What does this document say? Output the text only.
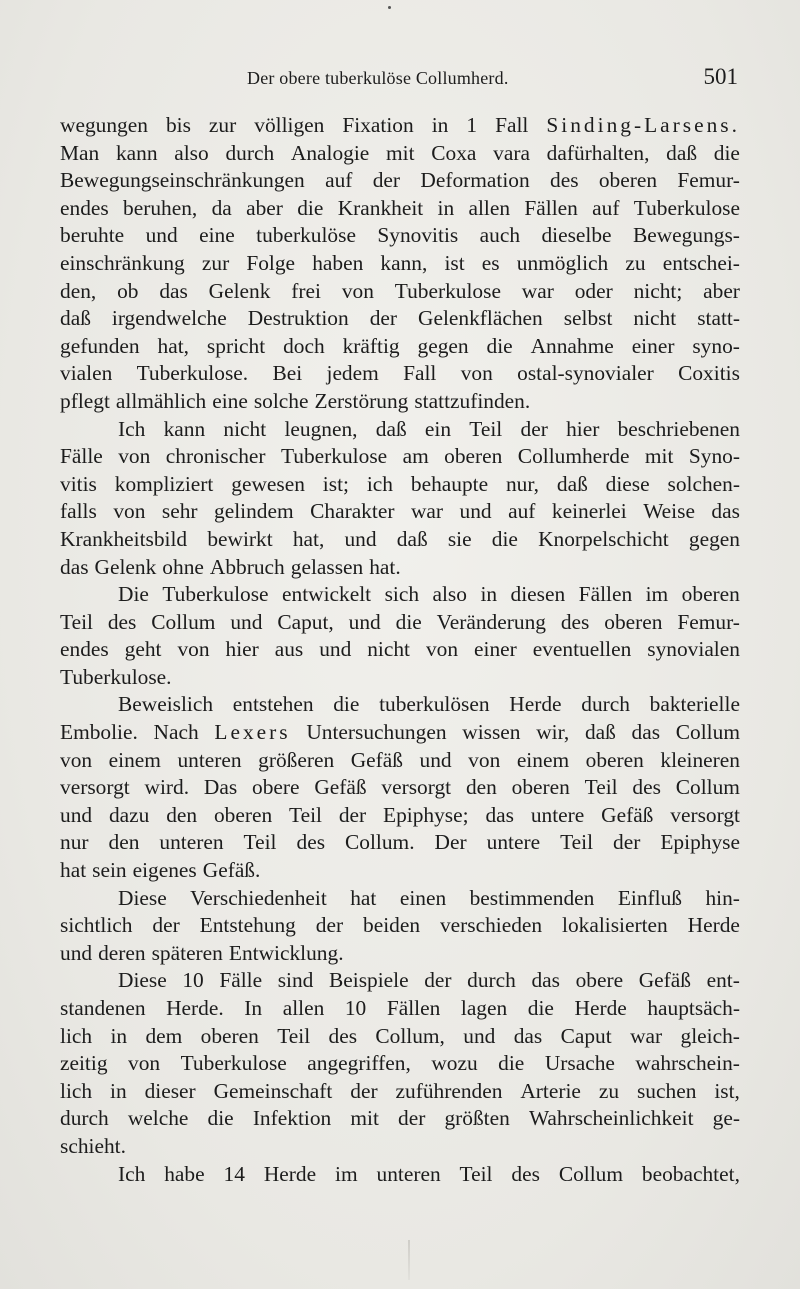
Der obere tuberkulöse Collumherd.	501
wegungen bis zur völligen Fixation in 1 Fall Sinding-Larsens.
Man kann also durch Analogie mit Coxa vara dafürhalten, daß die
Bewegungseinschränkungen auf der Deformation des oberen Femur-
endes beruhen, da aber die Krankheit in allen Fällen auf Tuberkulose
beruhte und eine tuberkulöse Synovitis auch dieselbe Bewegungs-
einschränkung zur Folge haben kann, ist es unmöglich zu entschei-
den, ob das Gelenk frei von Tuberkulose war oder nicht; aber
daß irgendwelche Destruktion der Gelenkflächen selbst nicht statt-
gefunden hat, spricht doch kräftig gegen die Annahme einer syno-
vialen Tuberkulose. Bei jedem Fall von ostal-synovialer Coxitis
pflegt allmählich eine solche Zerstörung stattzufinden.
Ich kann nicht leugnen, daß ein Teil der hier beschriebenen
Fälle von chronischer Tuberkulose am oberen Collumherde mit Syno-
vitis kompliziert gewesen ist; ich behaupte nur, daß diese solchen-
falls von sehr gelindem Charakter war und auf keinerlei Weise das
Krankheitsbild bewirkt hat, und daß sie die Knorpelschicht gegen
das Gelenk ohne Abbruch gelassen hat.
Die Tuberkulose entwickelt sich also in diesen Fällen im oberen
Teil des Collum und Caput, und die Veränderung des oberen Femur-
endes geht von hier aus und nicht von einer eventuellen synovialen
Tuberkulose.
Beweislich entstehen die tuberkulösen Herde durch bakterielle
Embolie. Nach Lexers Untersuchungen wissen wir, daß das Collum
von einem unteren größeren Gefäß und von einem oberen kleineren
versorgt wird. Das obere Gefäß versorgt den oberen Teil des Collum
und dazu den oberen Teil der Epiphyse; das untere Gefäß versorgt
nur den unteren Teil des Collum. Der untere Teil der Epiphyse
hat sein eigenes Gefäß.
Diese Verschiedenheit hat einen bestimmenden Einfluß hin-
sichtlich der Entstehung der beiden verschieden lokalisierten Herde
und deren späteren Entwicklung.
Diese 10 Fälle sind Beispiele der durch das obere Gefäß ent-
standenen Herde. In allen 10 Fällen lagen die Herde hauptsäch-
lich in dem oberen Teil des Collum, und das Caput war gleich-
zeitig von Tuberkulose angegriffen, wozu die Ursache wahrschein-
lich in dieser Gemeinschaft der zuführenden Arterie zu suchen ist,
durch welche die Infektion mit der größten Wahrscheinlichkeit ge-
schieht.
Ich habe 14 Herde im unteren Teil des Collum beobachtet,
